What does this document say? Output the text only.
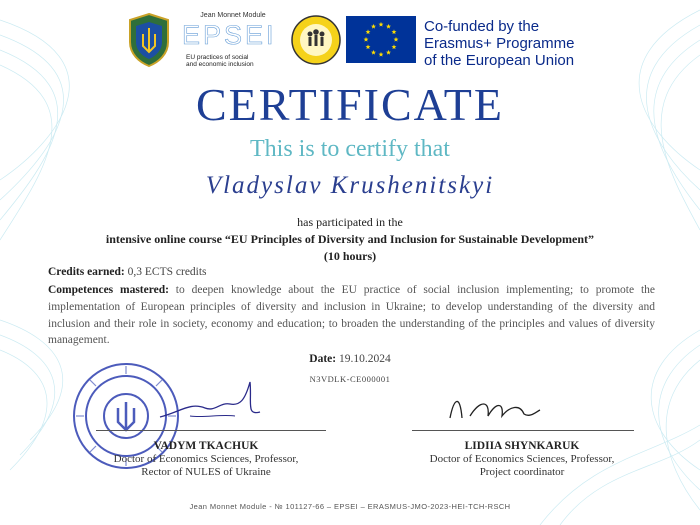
Jean Monnet Module
EPSEI
EU practices of social
and economic inclusion
Co-funded by the
Erasmus+ Programme
of the European Union
CERTIFICATE
This is to certify that
Vladyslav Krushenitskyi
has participated in the
intensive online course “EU Principles of Diversity and Inclusion for Sustainable Development”
(10 hours)
Credits earned: 0,3 ECTS credits
Competences mastered: to deepen knowledge about the EU practice of social inclusion implementing; to promote the implementation of European principles of diversity and inclusion in Ukraine; to develop understanding of the diversity and inclusion and their role in society, economy and education; to broaden the understanding of the principles and values of diversity management.
Date: 19.10.2024
N3VDLK-CE000001
VADYM TKACHUK
Doctor of Economics Sciences, Professor,
Rector of NULES of Ukraine
LIDIIA SHYNKARUK
Doctor of Economics Sciences, Professor,
Project coordinator
Jean Monnet Module - № 101127-66 – EPSEI – ERASMUS-JMO-2023-HEI-TCH-RSCH
